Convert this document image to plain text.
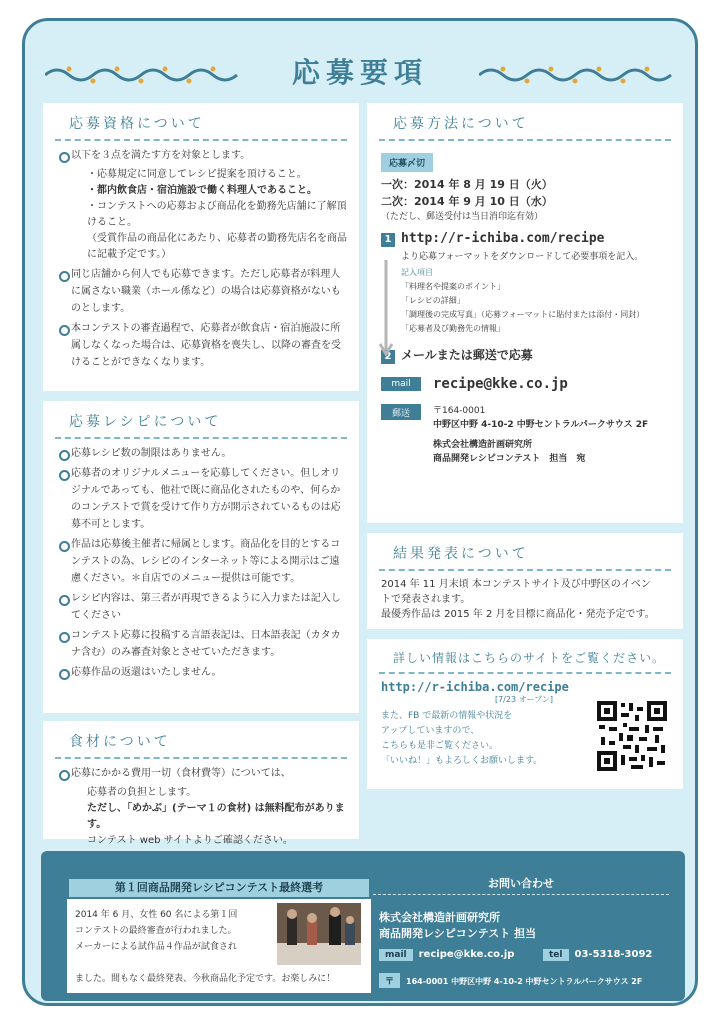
応募要項
応募資格について
以下を３点を満たす方を対象とします。
・応募規定に同意してレシピ提案を頂けること。
・都内飲食店・宿泊施設で働く料理人であること。
・コンテストへの応募および商品化を勤務先店舗に了解頂けること。
（受賞作品の商品化にあたり、応募者の勤務先店名を商品に記載予定です。）
同じ店舗から何人でも応募できます。ただし応募者が料理人に属さない職業（ホール係など）の場合は応募資格がないものとします。
本コンテストの審査過程で、応募者が飲食店・宿泊施設に所属しなくなった場合は、応募資格を喪失し、以降の審査を受けることができなくなります。
応募レシピについて
応募レシピ数の制限はありません。
応募者のオリジナルメニューを応募してください。但しオリジナルであっても、他社で既に商品化されたものや、何らかのコンテストで賞を受けて作り方が開示されているものは応募不可とします。
作品は応募後主催者に帰属とします。商品化を目的とするコンテストの為、レシピのインターネット等による開示はご遠慮ください。＊自店でのメニュー提供は可能です。
レシピ内容は、第三者が再現できるように入力または記入してください
コンテスト応募に投稿する言語表記は、日本語表記（カタカナ含む）のみ審査対象とさせていただきます。
応募作品の返還はいたしません。
食材について
応募にかかる費用一切（食材費等）については、
応募者の負担とします。
ただし、「めかぶ」(テーマ１の食材) は無料配布があります。
コンテスト web サイトよりご確認ください。
応募方法について
応募〆切
一次：2014 年 8 月 19 日（火）
二次：2014 年 9 月 10 日（水）
（ただし、郵送受付は当日消印迄有効）
1 http://r-ichiba.com/recipe
より応募フォーマットをダウンロードして必要事項を記入。
記入項目
「料理名や提案のポイント」
「レシピの詳細」
「調理後の完成写真」（応募フォーマットに貼付または添付・同封）
「応募者及び勤務先の情報」
2 メールまたは郵送で応募
mail	recipe@kke.co.jp
郵送	〒164-0001
中野区中野 4-10-2 中野セントラルパークサウス 2F
株式会社構造計画研究所
商品開発レシピコンテスト　担当　宛
結果発表について
2014 年 11 月末頃 本コンテストサイト及び中野区のイベン
トで発表されます。
最優秀作品は 2015 年 2 月を目標に商品化・発売予定です。
詳しい情報はこちらのサイトをご覧ください。
http://r-ichiba.com/recipe
[7/23 オープン]
また、FB で最新の情報や状況を
アップしていますので、
こちらも是非ご覧ください。
「いいね！」もよろしくお願いします。
第１回商品開発レシピコンテスト最終選考
2014 年 6 月、女性 60 名による第１回
コンテストの最終審査が行われました。
メーカーによる試作品４作品が試食され
ました。間もなく最終発表、今秋商品化予定です。お楽しみに！
お問い合わせ
株式会社構造計画研究所
商品開発レシピコンテスト 担当
mail recipe@kke.co.jp	tel 03-5318-3092
〒 164-0001 中野区中野 4-10-2 中野セントラルパークサウス 2F
